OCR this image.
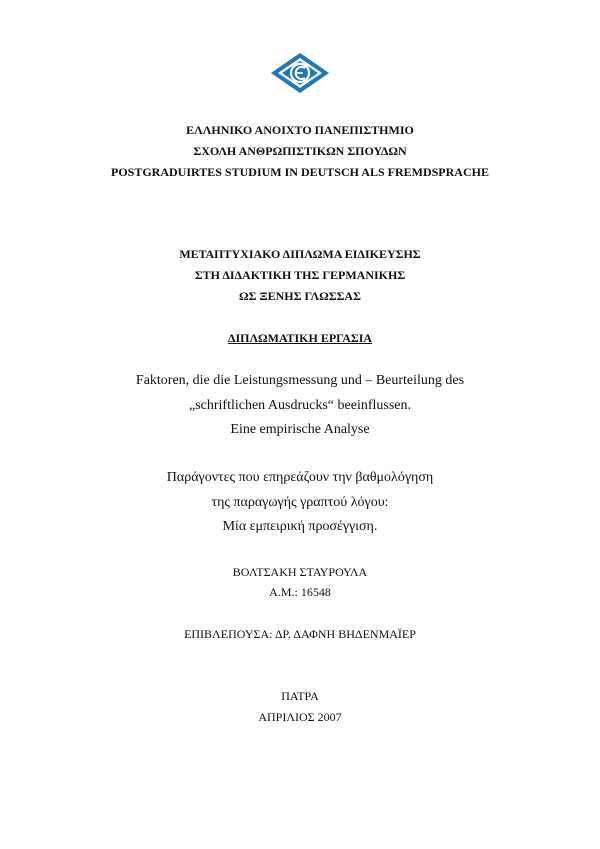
ΕΛΛΗΝΙΚΟ ΑΝΟΙΧΤΟ ΠΑΝΕΠΙΣΤΗΜΙΟ
ΣΧΟΛΗ ΑΝΘΡΩΠΙΣΤΙΚΩΝ ΣΠΟΥΔΩΝ
POSTGRADUIRTES STUDIUM IN DEUTSCH ALS FREMDSPRACHE
ΜΕΤΑΠΤΥΧΙΑΚΟ ΔΙΠΛΩΜΑ ΕΙΔΙΚΕΥΣΗΣ
ΣΤΗ ΔΙΔΑΚΤΙΚΗ ΤΗΣ ΓΕΡΜΑΝΙΚΗΣ
ΩΣ ΞΕΝΗΣ ΓΛΩΣΣΑΣ
ΔΙΠΛΩΜΑΤΙΚΗ ΕΡΓΑΣΙΑ
Faktoren, die die Leistungsmessung und – Beurteilung des
„schriftlichen Ausdrucks“ beeinflussen.
Eine empirische Analyse
Παράγοντες που επηρεάζουν την βαθμολόγηση
της παραγωγής γραπτού λόγου:
Μία εμπειρική προσέγγιση.
ΒΟΛΤΣΑΚΗ ΣΤΑΥΡΟΥΛΑ
Α.Μ.: 16548
ΕΠΙΒΛΕΠΟΥΣΑ: ΔΡ. ΔΑΦΝΗ ΒΗΔΕΝΜΑΪΕΡ
ΠΑΤΡΑ
ΑΠΡΙΛΙΟΣ 2007
